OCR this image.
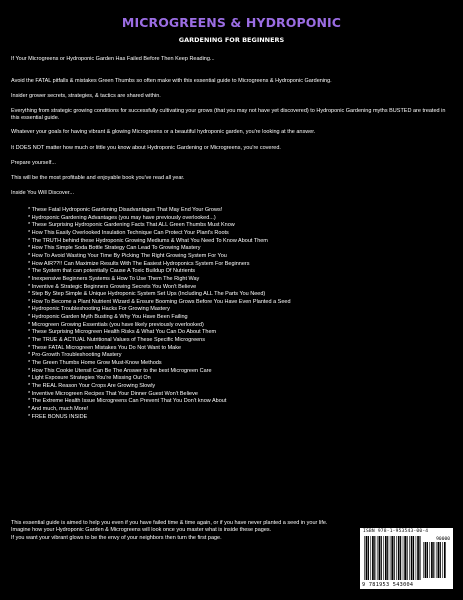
MICROGREENS & HYDROPONIC
GARDENING FOR BEGINNERS

If Your Microgreens or Hydroponic Garden Has Failed Before Then Keep Reading...

Avoid the FATAL pitfalls & mistakes Green Thumbs so often make with this essential guide to Microgreens & Hydroponic Gardening.

Insider grower secrets, strategies, & tactics are shared within.

Everything from strategic growing conditions for successfully cultivating your grows (that you may not have yet discovered) to Hydroponic Gardening myths BUSTED are treated in this essential guide.

Whatever your goals for having vibrant & glowing Microgreens or a beautiful hydroponic garden, you're looking at the answer.

It DOES NOT matter how much or little you know about Hydroponic Gardening or Microgreens, you're covered.

Prepare yourself...

This will be the most profitable and enjoyable book you've read all year.

Inside You Will Discover...

* These Fatal Hydroponic Gardening Disadvantages That May End Your Grows!
* Hydroponic Gardening Advantages (you may have previously overlooked...)
* These Surprising Hydroponic Gardening Facts That ALL Green Thumbs Must Know
* How This Easily Overlooked Insulation Technique Can Protect Your Plant's Roots
* The TRUTH behind these Hydroponic Growing Mediums & What You Need To Know About Them
* How This Simple Soda Bottle Strategy Can Lead To Growing Mastery
* How To Avoid Wasting Your Time By Picking The Right Growing System For You
* How AIR??!! Can Maximize Results With The Easiest Hydroponics System For Beginners
* The System that can potentially Cause A Toxic Buildup Of Nutrients
* Inexpensive Beginners Systems & How To Use Them The Right Way
* Inventive & Strategic Beginners Growing Secrets You Won't Believe
* Step By Step Simple & Unique Hydroponic System Set Ups (Including ALL The Parts You Need)
* How To Become a Plant Nutrient Wizard & Ensure Booming Grows Before You Have Even Planted a Seed
* Hydroponic Troubleshooting Hacks For Growing Mastery
* Hydroponic Garden Myth Busting & Why You Have Been Failing
* Microgreen Growing Essentials (you have likely previously overlooked)
* These Surprising Microgreen Health Risks & What You Can Do About Them
* The TRUE & ACTUAL Nutritional Values of These Specific Microgreens
* These FATAL Microgreen Mistakes You Do Not Want to Make
* Pro-Growth Troubleshooting Mastery
* The Green Thumbs Home Grow Must-Know Methods
* How This Cookie Utensil Can Be The Answer to the best Microgreen Care
* Light Exposure Strategies You're Missing Out On
* The REAL Reason Your Crops Are Growing Slowly
* Inventive Microgreen Recipes That Your Dinner Guest Won't Believe
* The Extreme Health Issue Microgreens Can Prevent That You Don't know About
* And much, much More!
* FREE BONUS INSIDE
This essential guide is aimed to help you even if you have failed time & time again, or if you have never planted a seed in your life.
Imagine how your Hydroponic Garden & Microgreens will look once you master what is inside these pages.
If you want your vibrant glows to be the envy of your neighbors then turn the first page.
ISBN 978-1-953543-00-4
90000
9 781953 543004
